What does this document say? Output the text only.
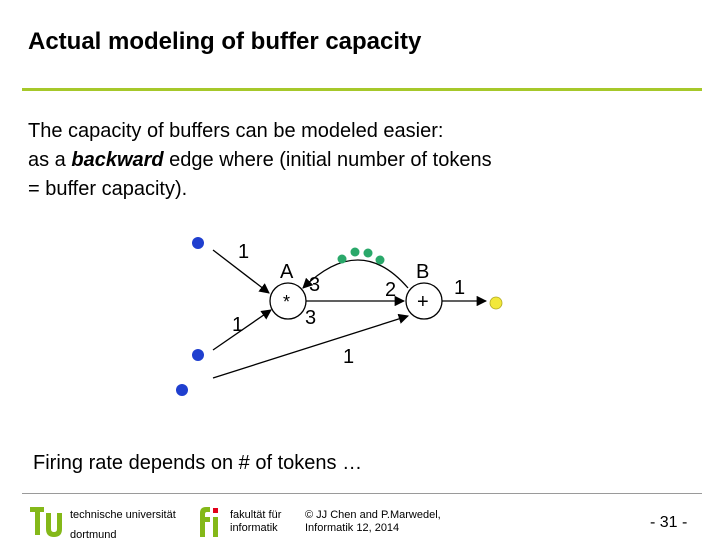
Actual modeling of buffer capacity

The capacity of buffers can be modeled easier:
as a backward edge where (initial number of tokens
= buffer capacity).

A
*
B
+
1
1
3
3
2	1
1

Firing rate depends on # of tokens …

technische universität
dortmund
fakultät für
informatik
© JJ Chen and P.Marwedel,
Informatik 12, 2014	- 31 -
